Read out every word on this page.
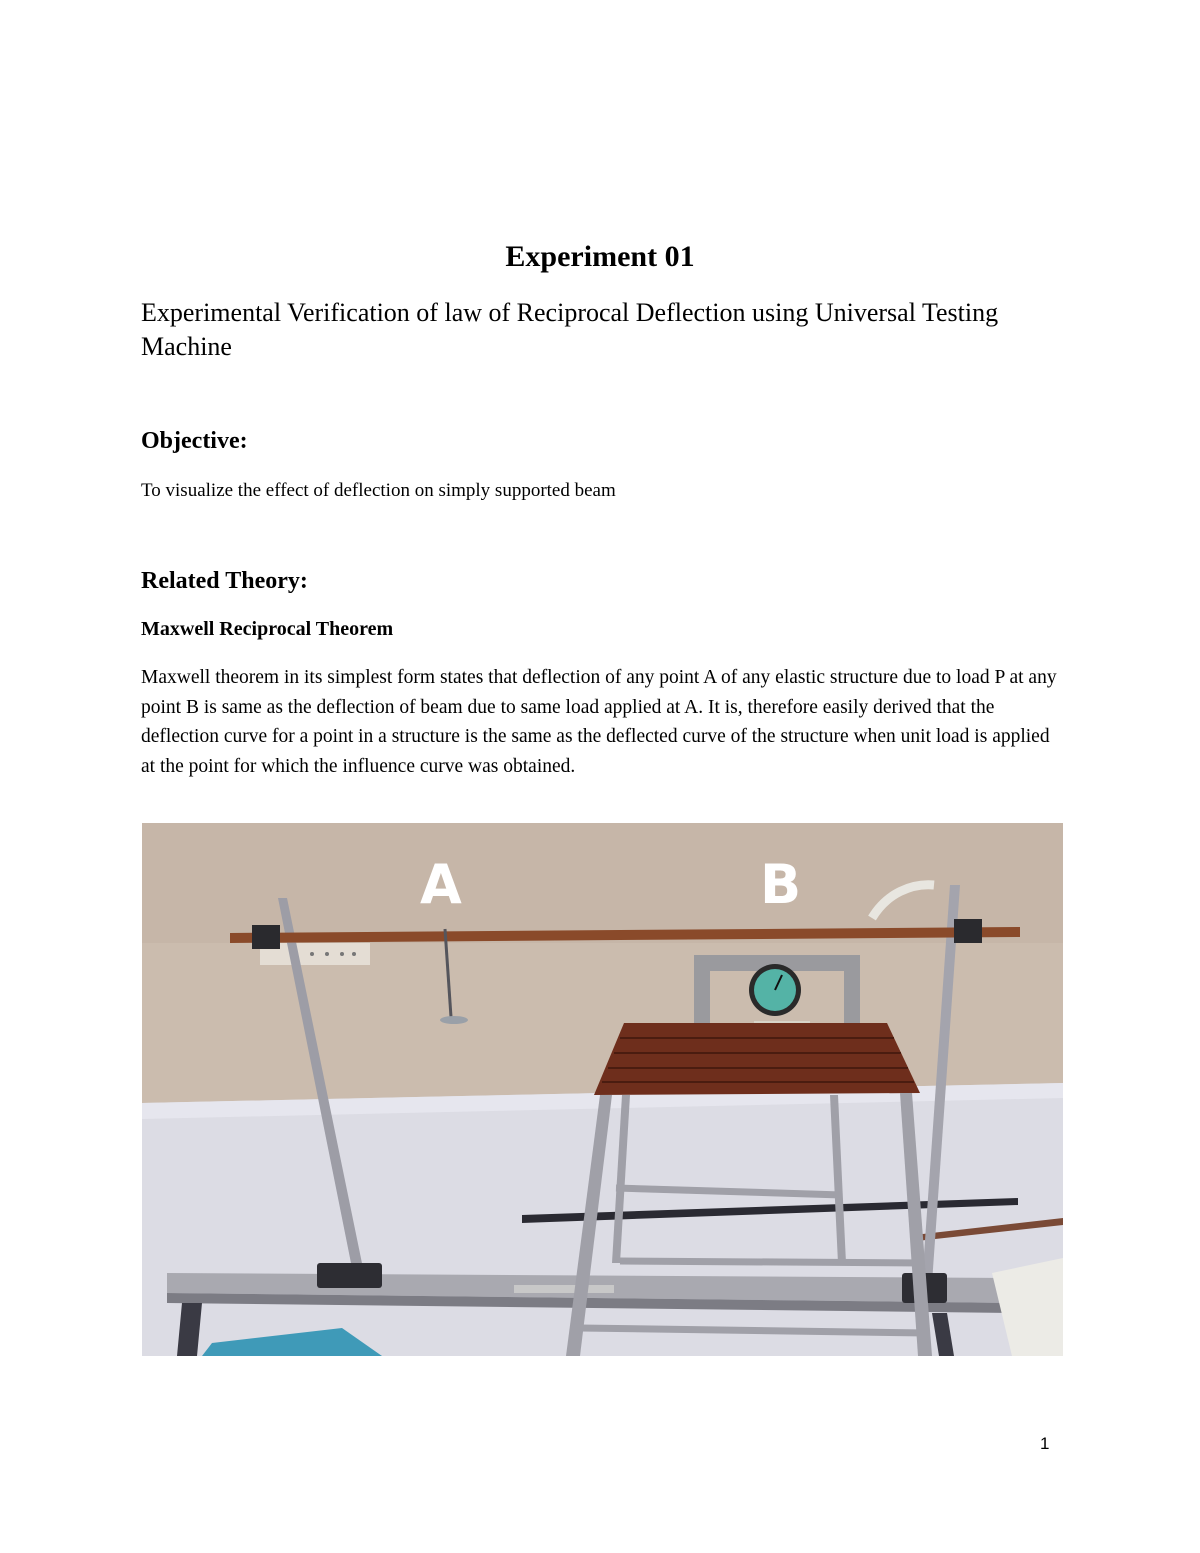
Experiment 01
Experimental Verification of law of Reciprocal Deflection using Universal Testing Machine
Objective:
To visualize the effect of deflection on simply supported beam
Related Theory:
Maxwell Reciprocal Theorem
Maxwell theorem in its simplest form states that deflection of any point A of any elastic structure due to load P at any point B is same as the deflection of beam due to same load applied at A. It is, therefore easily derived that the deflection curve for a point in a structure is the same as the deflected curve of the structure when unit load is applied at the point for which the influence curve was obtained.
A	B
1
